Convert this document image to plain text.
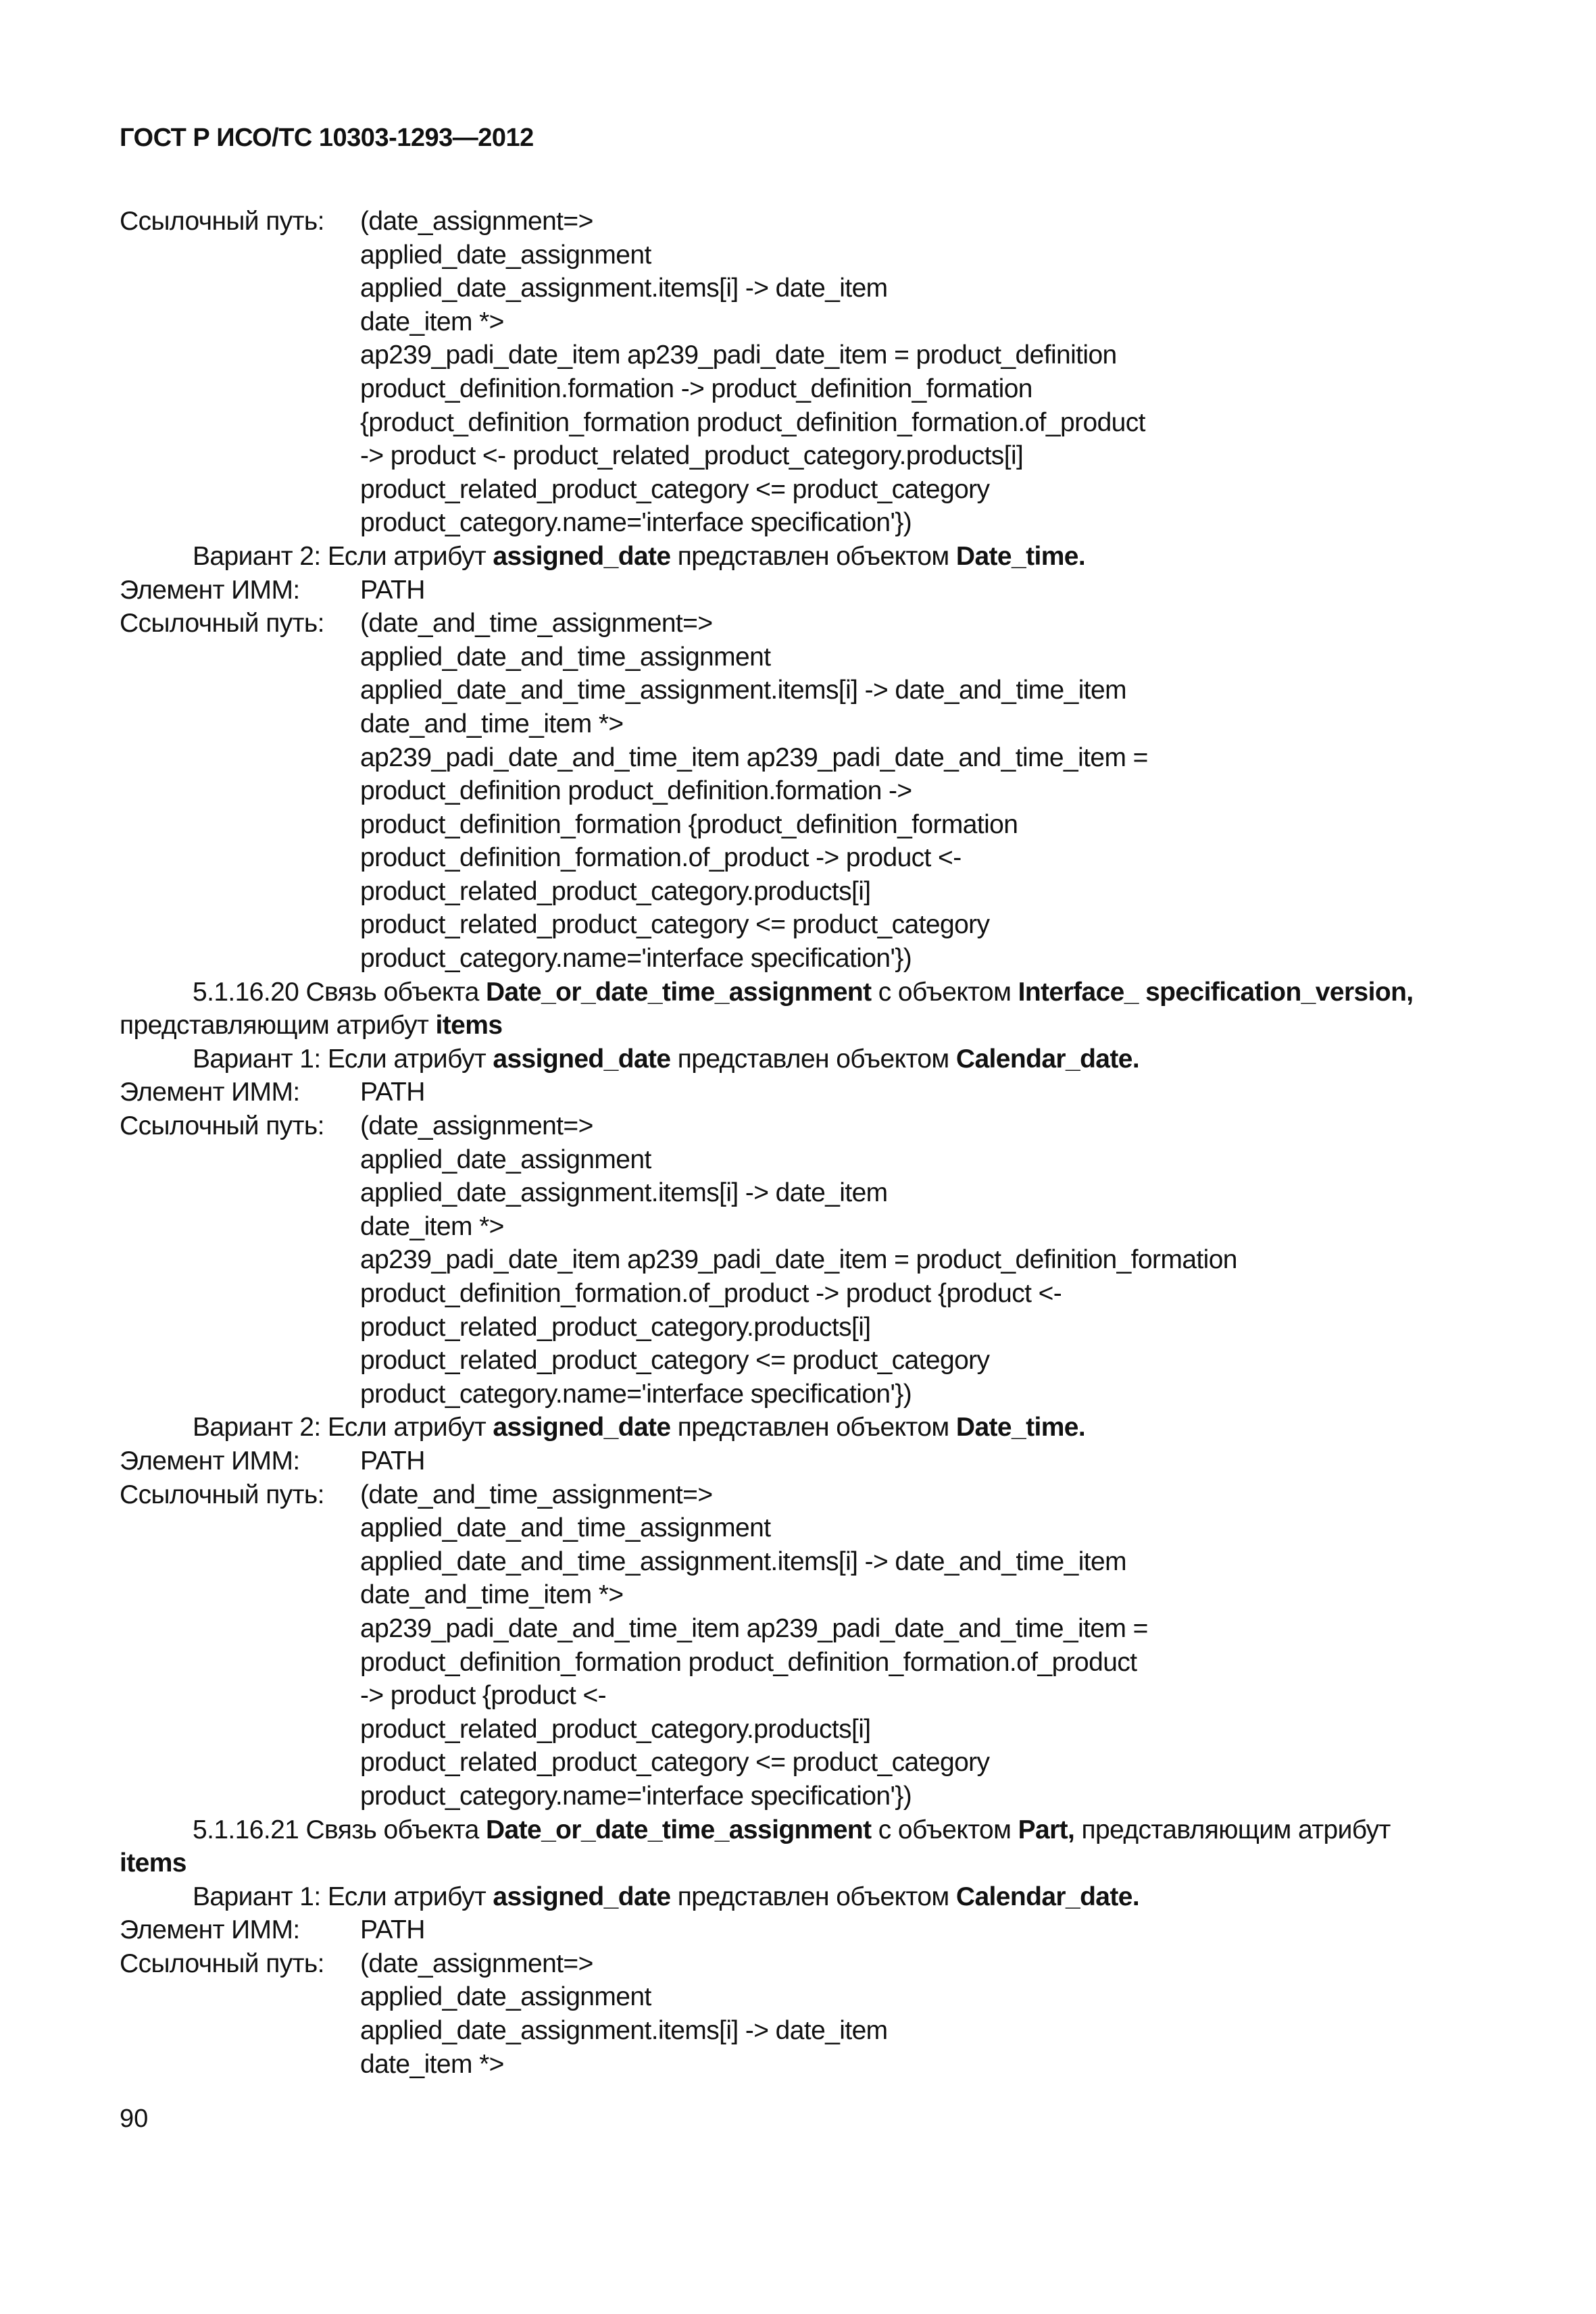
ГОСТ Р ИСО/ТС 10303-1293—2012
Ссылочный путь:	(date_assignment=>
applied_date_assignment
applied_date_assignment.items[i] -> date_item
date_item *>
ap239_padi_date_item ap239_padi_date_item = product_definition
product_definition.formation -> product_definition_formation
{product_definition_formation product_definition_formation.of_product
-> product <- product_related_product_category.products[i]
product_related_product_category <= product_category
product_category.name='interface specification'})
Вариант 2: Если атрибут assigned_date представлен объектом Date_time.
Элемент ИММ:	PATH
Ссылочный путь:	(date_and_time_assignment=>
applied_date_and_time_assignment
applied_date_and_time_assignment.items[i] -> date_and_time_item
date_and_time_item *>
ap239_padi_date_and_time_item ap239_padi_date_and_time_item =
product_definition product_definition.formation ->
product_definition_formation {product_definition_formation
product_definition_formation.of_product -> product <-
product_related_product_category.products[i]
product_related_product_category <= product_category
product_category.name='interface specification'})
5.1.16.20 Связь объекта Date_or_date_time_assignment с объектом Interface_ specification_version,
представляющим атрибут items
Вариант 1: Если атрибут assigned_date представлен объектом Calendar_date.
Элемент ИММ:	PATH
Ссылочный путь:	(date_assignment=>
applied_date_assignment
applied_date_assignment.items[i] -> date_item
date_item *>
ap239_padi_date_item ap239_padi_date_item = product_definition_formation
product_definition_formation.of_product -> product {product <-
product_related_product_category.products[i]
product_related_product_category <= product_category
product_category.name='interface specification'})
Вариант 2: Если атрибут assigned_date представлен объектом Date_time.
Элемент ИММ:	PATH
Ссылочный путь:	(date_and_time_assignment=>
applied_date_and_time_assignment
applied_date_and_time_assignment.items[i] -> date_and_time_item
date_and_time_item *>
ap239_padi_date_and_time_item ap239_padi_date_and_time_item =
product_definition_formation product_definition_formation.of_product
-> product {product <-
product_related_product_category.products[i]
product_related_product_category <= product_category
product_category.name='interface specification'})
5.1.16.21 Связь объекта Date_or_date_time_assignment с объектом Part, представляющим атрибут
items
Вариант 1: Если атрибут assigned_date представлен объектом Calendar_date.
Элемент ИММ:	PATH
Ссылочный путь:	(date_assignment=>
applied_date_assignment
applied_date_assignment.items[i] -> date_item
date_item *>
90
